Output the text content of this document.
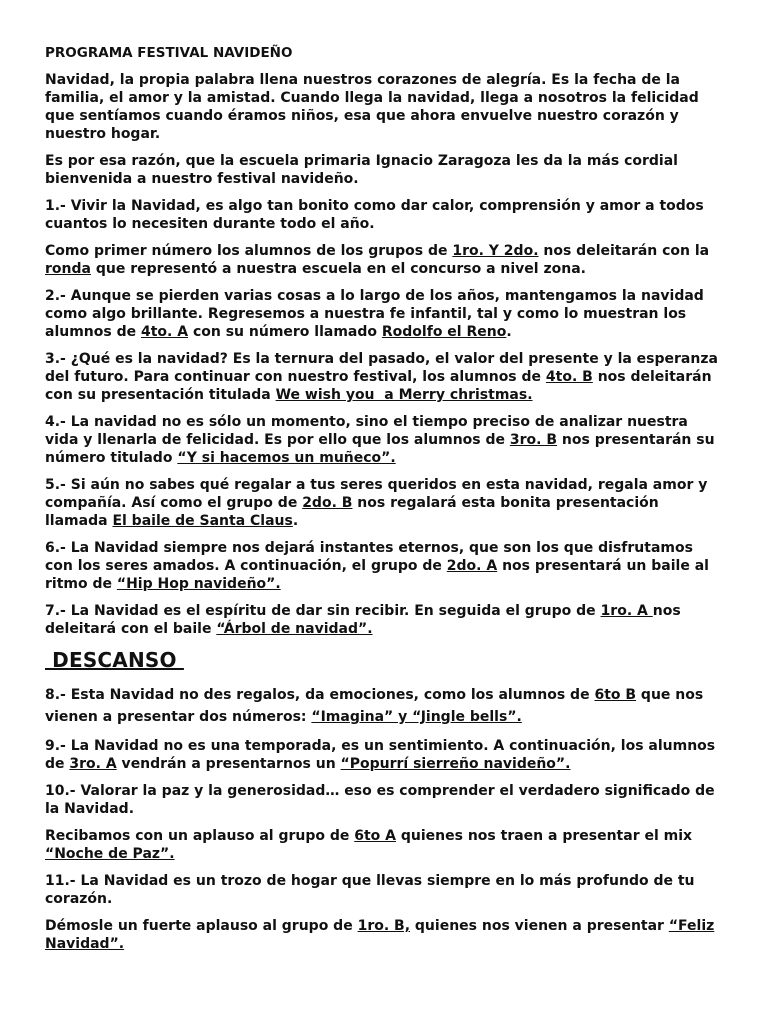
PROGRAMA FESTIVAL NAVIDEÑO

Navidad, la propia palabra llena nuestros corazones de alegría. Es la fecha de la familia, el amor y la amistad. Cuando llega la navidad, llega a nosotros la felicidad que sentíamos cuando éramos niños, esa que ahora envuelve nuestro corazón y nuestro hogar.

Es por esa razón, que la escuela primaria Ignacio Zaragoza les da la más cordial bienvenida a nuestro festival navideño.

1.- Vivir la Navidad, es algo tan bonito como dar calor, comprensión y amor a todos cuantos lo necesiten durante todo el año.

Como primer número los alumnos de los grupos de 1ro. Y 2do. nos deleitarán con la ronda que representó a nuestra escuela en el concurso a nivel zona.

2.- Aunque se pierden varias cosas a lo largo de los años, mantengamos la navidad como algo brillante. Regresemos a nuestra fe infantil, tal y como lo muestran los alumnos de 4to. A con su número llamado Rodolfo el Reno.

3.- ¿Qué es la navidad? Es la ternura del pasado, el valor del presente y la esperanza del futuro. Para continuar con nuestro festival, los alumnos de 4to. B nos deleitarán con su presentación titulada We wish you  a Merry christmas.

4.- La navidad no es sólo un momento, sino el tiempo preciso de analizar nuestra vida y llenarla de felicidad. Es por ello que los alumnos de 3ro. B nos presentarán su número titulado “Y si hacemos un muñeco”.

5.- Si aún no sabes qué regalar a tus seres queridos en esta navidad, regala amor y compañía. Así como el grupo de 2do. B nos regalará esta bonita presentación llamada El baile de Santa Claus.

6.- La Navidad siempre nos dejará instantes eternos, que son los que disfrutamos con los seres amados. A continuación, el grupo de 2do. A nos presentará un baile al ritmo de “Hip Hop navideño”.

7.- La Navidad es el espíritu de dar sin recibir. En seguida el grupo de 1ro. A nos deleitará con el baile “Árbol de navidad”.

DESCANSO

8.- Esta Navidad no des regalos, da emociones, como los alumnos de 6to B que nos vienen a presentar dos números: “Imagina” y “Jingle bells”.

9.- La Navidad no es una temporada, es un sentimiento. A continuación, los alumnos de 3ro. A vendrán a presentarnos un “Popurrí sierreño navideño”.

10.- Valorar la paz y la generosidad… eso es comprender el verdadero significado de la Navidad.

Recibamos con un aplauso al grupo de 6to A quienes nos traen a presentar el mix “Noche de Paz”.

11.- La Navidad es un trozo de hogar que llevas siempre en lo más profundo de tu corazón.

Démosle un fuerte aplauso al grupo de 1ro. B, quienes nos vienen a presentar “Feliz Navidad”.
